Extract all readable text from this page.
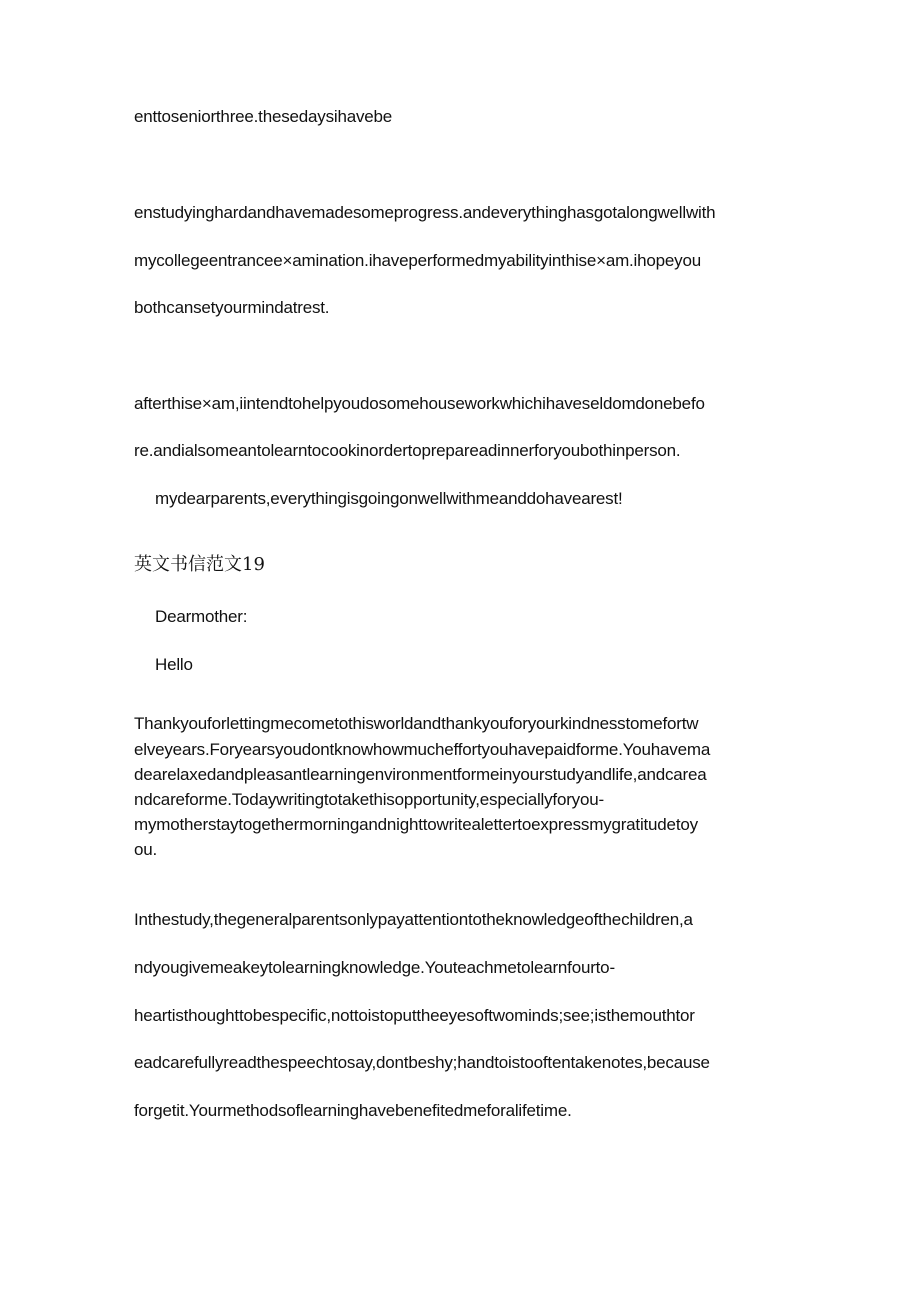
enttoseniorthree.thesedaysihavebe
enstudyinghardandhavemadesomeprogress.andeverythinghasgotalongwellwith
mycollegeentrancee×amination.ihaveperformedmyabilityinthise×am.ihopeyou
bothcansetyourmindatrest.
afterthise×am,iintendtohelpyoudosomehouseworkwhichihaveseldomdonebefo
re.andialsomeantolearntocookinordertoprepareadinnerforyoubothinperson.
mydearparents,everythingisgoingonwellwithmeanddohavearest!
英文书信范文19
Dearmother:
Hello
Thankyouforlettingmecometothisworldandthankyouforyourkindnesstomefortw
elveyears.Foryearsyoudontknowhowmucheffortyouhavepaidforme.Youhavema
dearelaxedandpleasantlearningenvironmentformeinyourstudyandlife,andcarea
ndcareforme.Todaywritingtotakethisopportunity,especiallyforyou-
mymotherstaytogethermorningandnighttowritealettertoexpressmygratitudetoy
ou.
Inthestudy,thegeneralparentsonlypayattentiontotheknowledgeofthechildren,a
ndyougivemeakeytolearningknowledge.Youteachmetolearnfourto-
heartisthoughttobespecific,nottoistoputtheeyesoftwominds;see;isthemouthtor
eadcarefullyreadthespeechtosay,dontbeshy;handtoistooftentakenotes,because
forgetit.Yourmethodsoflearninghavebenefitedmeforalifetime.
